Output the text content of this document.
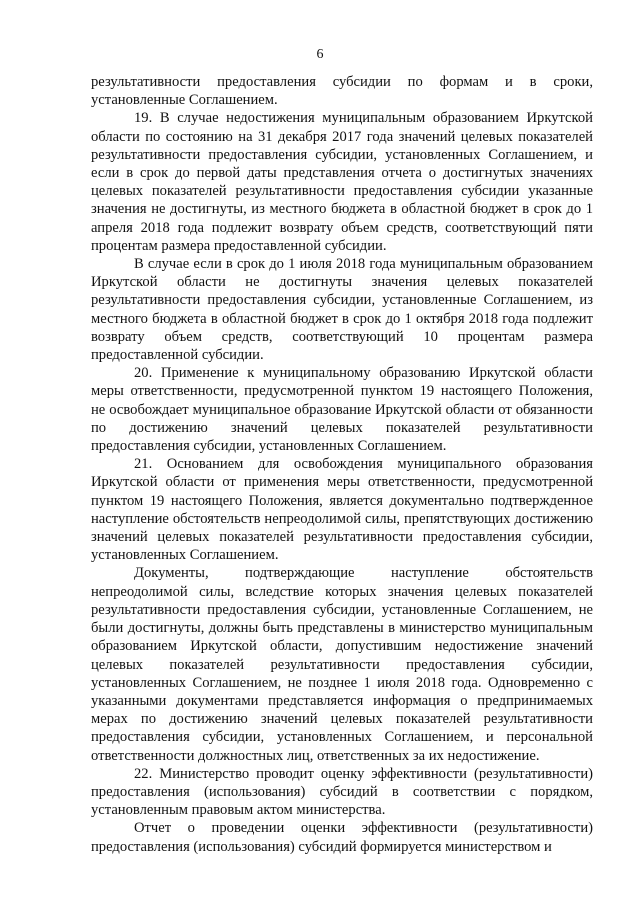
6

результативности предоставления субсидии по формам и в сроки, установленные Соглашением.

19. В случае недостижения муниципальным образованием Иркутской области по состоянию на 31 декабря 2017 года значений целевых показателей результативности предоставления субсидии, установленных Соглашением, и если в срок до первой даты представления отчета о достигнутых значениях целевых показателей результативности предоставления субсидии указанные значения не достигнуты, из местного бюджета в областной бюджет в срок до 1 апреля 2018 года подлежит возврату объем средств, соответствующий пяти процентам размера предоставленной субсидии.

В случае если в срок до 1 июля 2018 года муниципальным образованием Иркутской области не достигнуты значения целевых показателей результативности предоставления субсидии, установленные Соглашением, из местного бюджета в областной бюджет в срок до 1 октября 2018 года подлежит возврату объем средств, соответствующий 10 процентам размера предоставленной субсидии.

20. Применение к муниципальному образованию Иркутской области меры ответственности, предусмотренной пунктом 19 настоящего Положения, не освобождает муниципальное образование Иркутской области от обязанности по достижению значений целевых показателей результативности предоставления субсидии, установленных Соглашением.

21. Основанием для освобождения муниципального образования Иркутской области от применения меры ответственности, предусмотренной пунктом 19 настоящего Положения, является документально подтвержденное наступление обстоятельств непреодолимой силы, препятствующих достижению значений целевых показателей результативности предоставления субсидии, установленных Соглашением.

Документы, подтверждающие наступление обстоятельств непреодолимой силы, вследствие которых значения целевых показателей результативности предоставления субсидии, установленные Соглашением, не были достигнуты, должны быть представлены в министерство муниципальным образованием Иркутской области, допустившим недостижение значений целевых показателей результативности предоставления субсидии, установленных Соглашением, не позднее 1 июля 2018 года. Одновременно с указанными документами представляется информация о предпринимаемых мерах по достижению значений целевых показателей результативности предоставления субсидии, установленных Соглашением, и персональной ответственности должностных лиц, ответственных за их недостижение.

22. Министерство проводит оценку эффективности (результативности) предоставления (использования) субсидий в соответствии с порядком, установленным правовым актом министерства.

Отчет о проведении оценки эффективности (результативности) предоставления (использования) субсидий формируется министерством и
